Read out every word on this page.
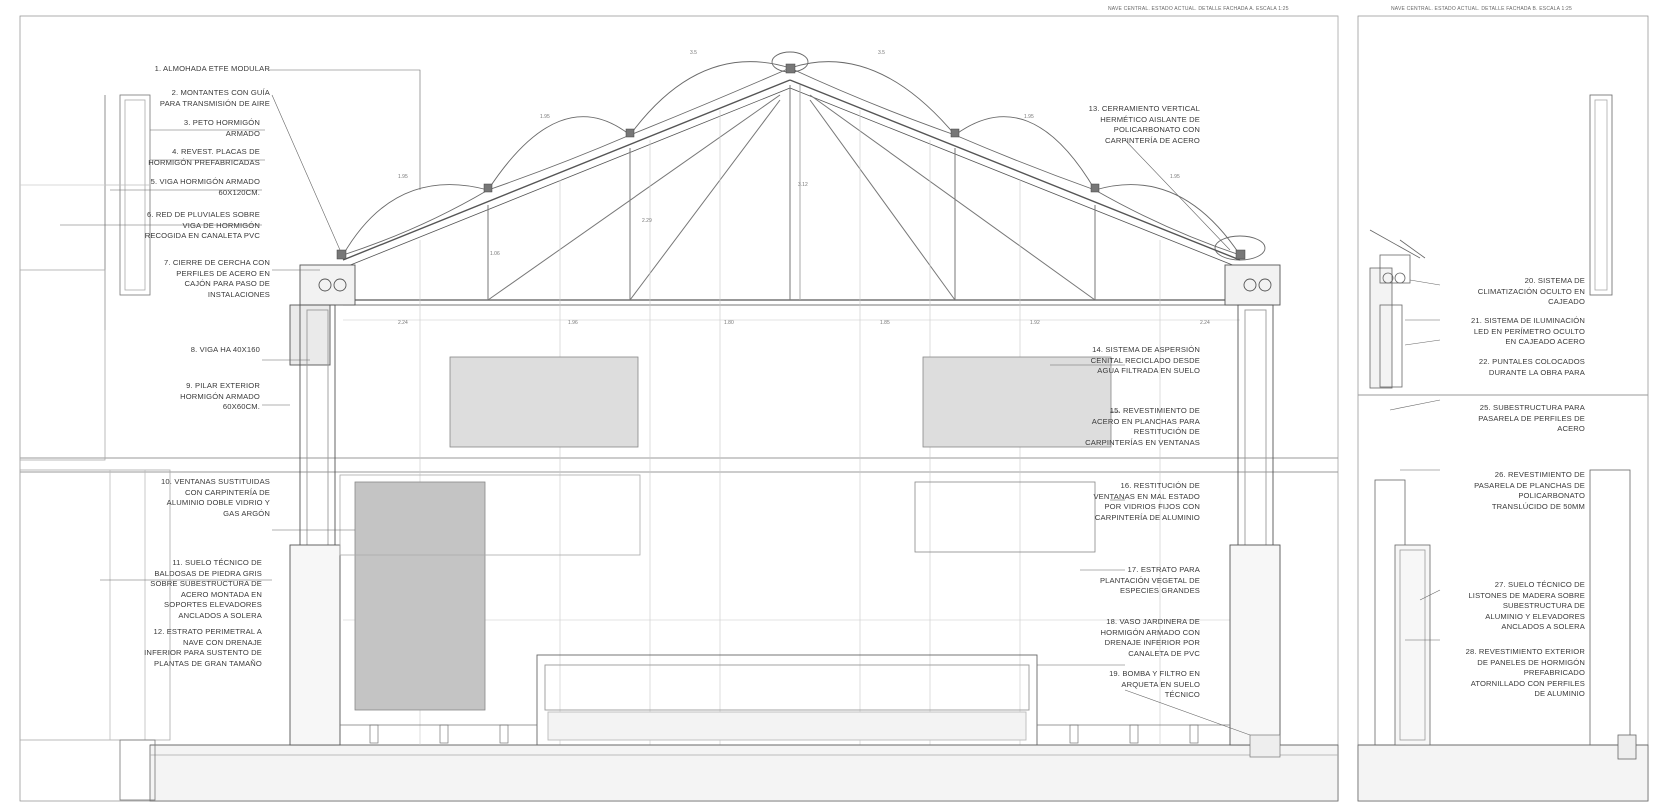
NAVE CENTRAL. ESTADO ACTUAL. DETALLE FACHADA A. ESCALA 1:25	NAVE CENTRAL. ESTADO ACTUAL. DETALLE FACHADA B. ESCALA 1:25
3.5	3.5
1.95	1.95
1.95	1.95
3.12
2.29
1.06
2.24	1.96	1.80	1.85	1.92	2.24
1. ALMOHADA ETFE MODULAR
2. MONTANTES CON GUÍA
PARA TRANSMISIÓN DE AIRE
3. PETO HORMIGÓN
ARMADO
4. REVEST. PLACAS DE
HORMIGÓN PREFABRICADAS
5. VIGA HORMIGÓN ARMADO
60X120CM.
6. RED DE PLUVIALES SOBRE
VIGA DE HORMIGÓN
RECOGIDA EN CANALETA PVC
7. CIERRE DE CERCHA CON
PERFILES DE ACERO EN
CAJÓN PARA PASO DE
INSTALACIONES
8. VIGA HA 40X160
9. PILAR EXTERIOR
HORMIGÓN ARMADO
60X60CM.
10. VENTANAS SUSTITUIDAS
CON CARPINTERÍA DE
ALUMINIO DOBLE VIDRIO Y
GAS ARGÓN
11. SUELO TÉCNICO DE
BALDOSAS DE PIEDRA GRIS
SOBRE SUBESTRUCTURA DE
ACERO MONTADA EN
SOPORTES ELEVADORES
ANCLADOS A SOLERA
12. ESTRATO PERIMETRAL A
NAVE CON DRENAJE
INFERIOR PARA SUSTENTO DE
PLANTAS DE GRAN TAMAÑO
13. CERRAMIENTO VERTICAL
HERMÉTICO AISLANTE DE
POLICARBONATO CON
CARPINTERÍA DE ACERO
14. SISTEMA DE ASPERSIÓN
CENITAL RECICLADO DESDE
AGUA FILTRADA EN SUELO
15. REVESTIMIENTO DE
ACERO EN PLANCHAS PARA
RESTITUCIÓN DE
CARPINTERÍAS EN VENTANAS
16. RESTITUCIÓN DE
VENTANAS EN MAL ESTADO
POR VIDRIOS FIJOS CON
CARPINTERÍA DE ALUMINIO
17. ESTRATO PARA
PLANTACIÓN VEGETAL DE
ESPECIES GRANDES
18. VASO JARDINERA DE
HORMIGÓN ARMADO CON
DRENAJE INFERIOR POR
CANALETA DE PVC
19. BOMBA Y FILTRO EN
ARQUETA EN SUELO
TÉCNICO
20. SISTEMA DE
CLIMATIZACIÓN OCULTO EN
CAJEADO
21. SISTEMA DE ILUMINACIÓN
LED EN PERÍMETRO OCULTO
EN CAJEADO ACERO
22. PUNTALES COLOCADOS
DURANTE LA OBRA PARA
25. SUBESTRUCTURA PARA
PASARELA DE PERFILES DE
ACERO
26. REVESTIMIENTO DE
PASARELA DE PLANCHAS DE
POLICARBONATO
TRANSLÚCIDO DE 50MM
27. SUELO TÉCNICO DE
LISTONES DE MADERA SOBRE
SUBESTRUCTURA DE
ALUMINIO Y ELEVADORES
ANCLADOS A SOLERA
28. REVESTIMIENTO EXTERIOR
DE PANELES DE HORMIGÓN
PREFABRICADO
ATORNILLADO CON PERFILES
DE ALUMINIO
